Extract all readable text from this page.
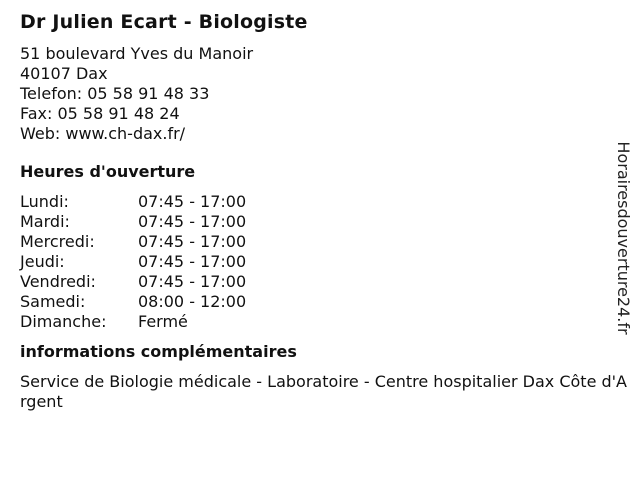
Dr Julien Ecart - Biologiste
51 boulevard Yves du Manoir
40107 Dax
Telefon: 05 58 91 48 33
Fax: 05 58 91 48 24
Web: www.ch-dax.fr/
Heures d'ouverture
Lundi:	07:45 - 17:00
Mardi:	07:45 - 17:00
Mercredi:	07:45 - 17:00
Jeudi:	07:45 - 17:00
Vendredi:	07:45 - 17:00
Samedi:	08:00 - 12:00
Dimanche:	Fermé
informations complémentaires
Service de Biologie médicale - Laboratoire - Centre hospitalier Dax Côte d'Argent
Horairesdouverture24.fr
